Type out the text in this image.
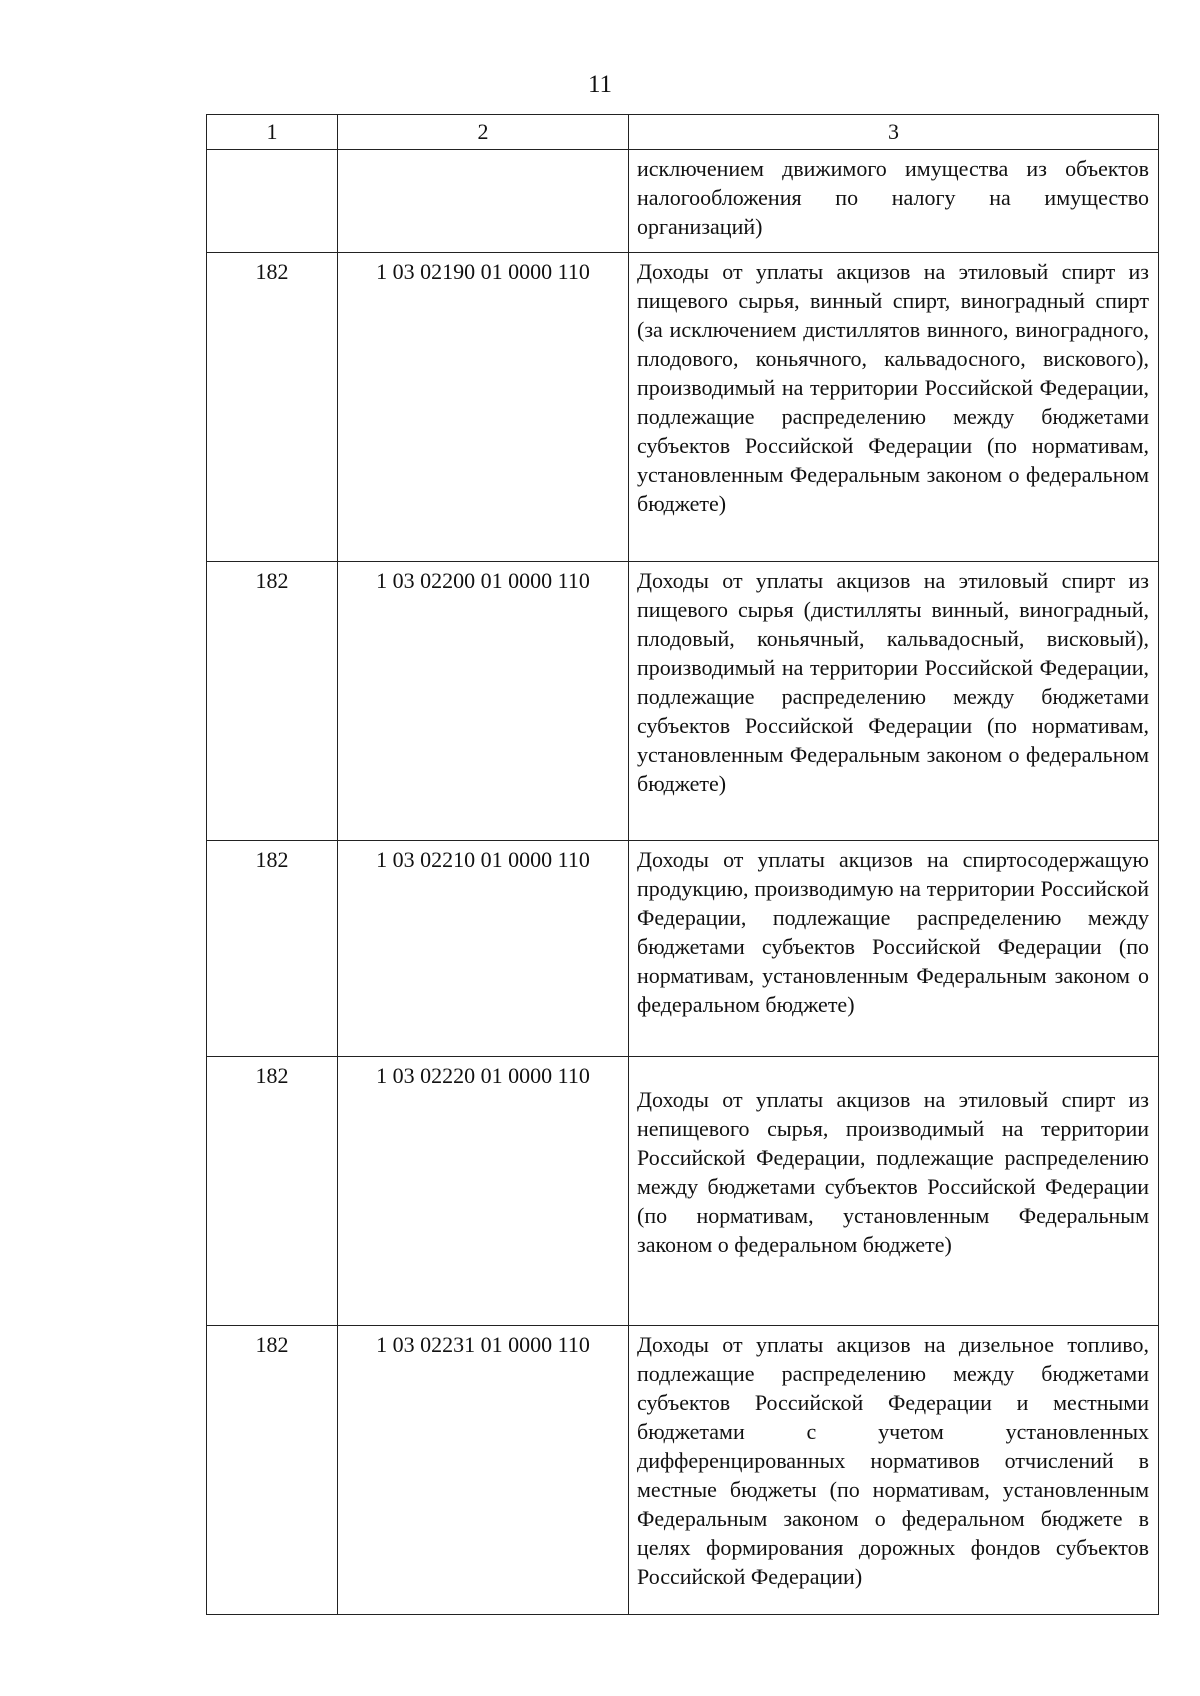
11
1	2	3
		исключением движимого имущества из объектов налогообложения по налогу на имущество организаций)
182	1 03 02190 01 0000 110	Доходы от уплаты акцизов на этиловый спирт из пищевого сырья, винный спирт, виноградный спирт (за исключением дистиллятов винного, виноградного, плодового, коньячного, кальвадосного, вискового), производимый на территории Российской Федерации, подлежащие распределению между бюджетами субъектов Российской Федерации (по нормативам, установленным Федеральным законом о федеральном бюджете)
182	1 03 02200 01 0000 110	Доходы от уплаты акцизов на этиловый спирт из пищевого сырья (дистилляты винный, виноградный, плодовый, коньячный, кальвадосный, висковый), производимый на территории Российской Федерации, подлежащие распределению между бюджетами субъектов Российской Федерации (по нормативам, установленным Федеральным законом о федеральном бюджете)
182	1 03 02210 01 0000 110	Доходы от уплаты акцизов на спиртосодержащую продукцию, производимую на территории Российской Федерации, подлежащие распределению между бюджетами субъектов Российской Федерации (по нормативам, установленным Федеральным законом о федеральном бюджете)
182	1 03 02220 01 0000 110	Доходы от уплаты акцизов на этиловый спирт из непищевого сырья, производимый на территории Российской Федерации, подлежащие распределению между бюджетами субъектов Российской Федерации (по нормативам, установленным Федеральным законом о федеральном бюджете)
182	1 03 02231 01 0000 110	Доходы от уплаты акцизов на дизельное топливо, подлежащие распределению между бюджетами субъектов Российской Федерации и местными бюджетами с учетом установленных дифференцированных нормативов отчислений в местные бюджеты (по нормативам, установленным Федеральным законом о федеральном бюджете в целях формирования дорожных фондов субъектов Российской Федерации)
